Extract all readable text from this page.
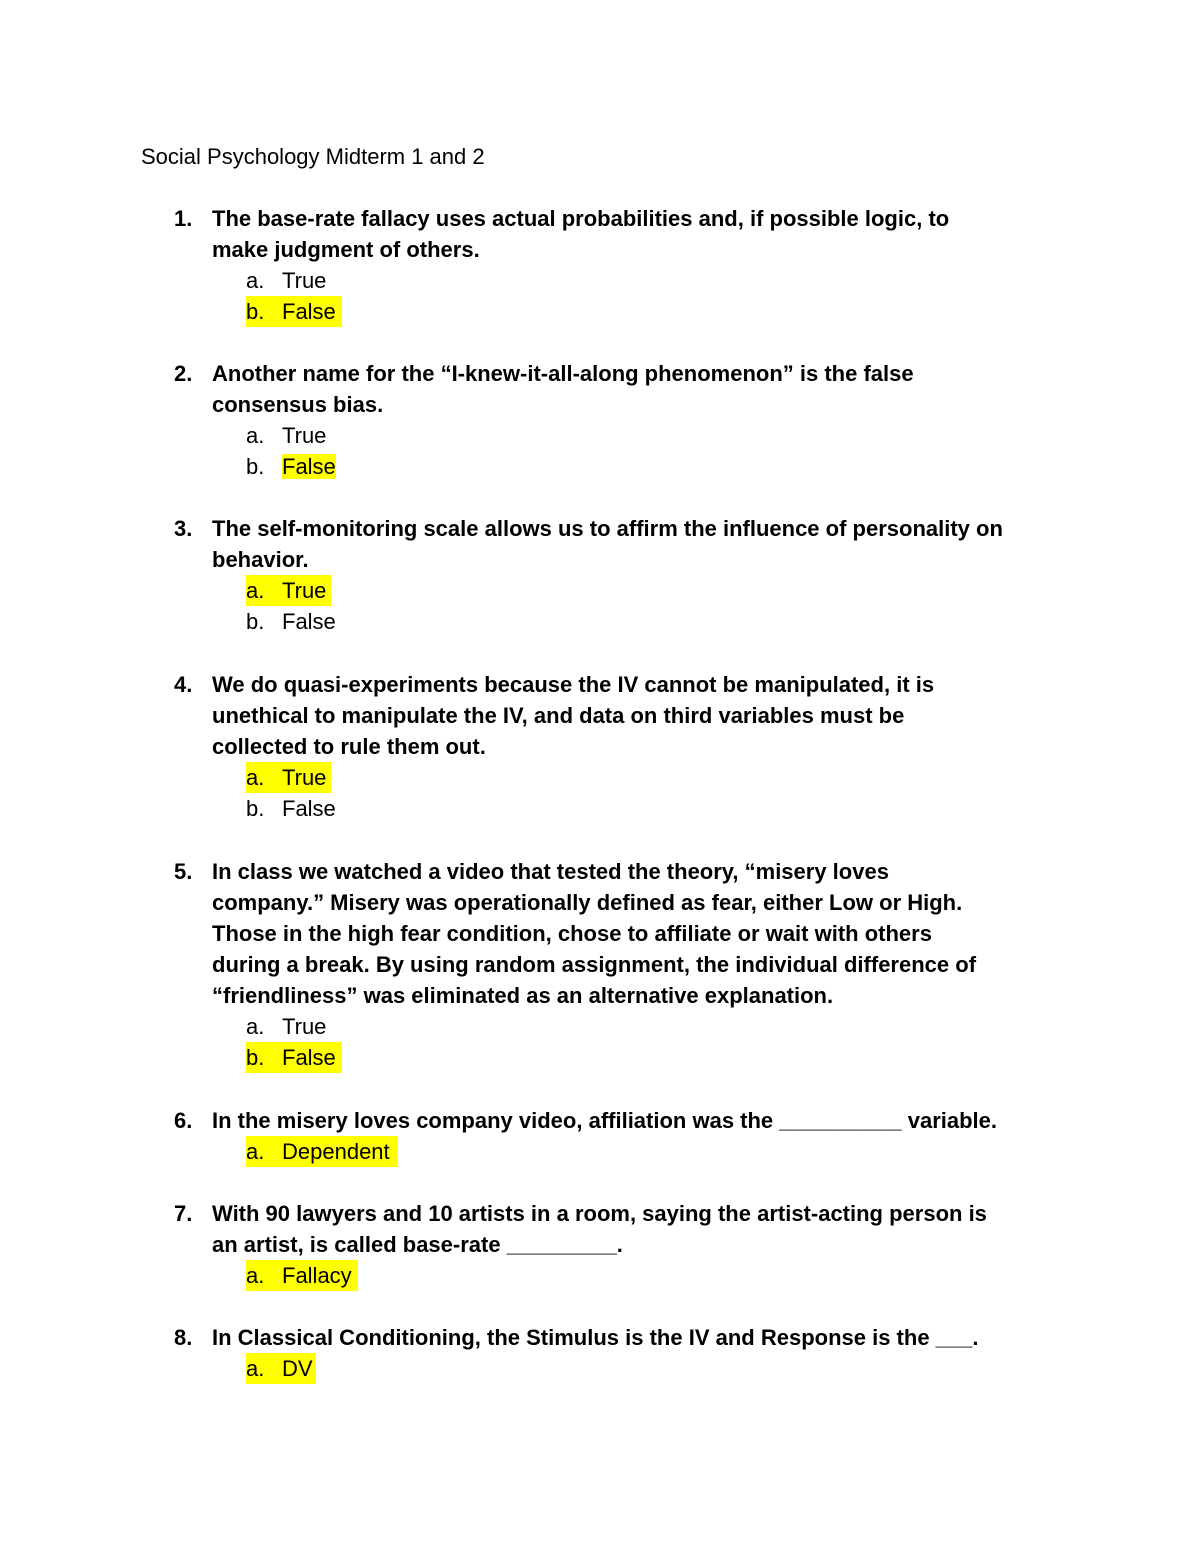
Social Psychology Midterm 1 and 2
1. The base-rate fallacy uses actual probabilities and, if possible logic, to
make judgment of others.
a. True
b. False
2. Another name for the “I-knew-it-all-along phenomenon” is the false
consensus bias.
a. True
b. False
3. The self-monitoring scale allows us to affirm the influence of personality on
behavior.
a. True
b. False
4. We do quasi-experiments because the IV cannot be manipulated, it is
unethical to manipulate the IV, and data on third variables must be
collected to rule them out.
a. True
b. False
5. In class we watched a video that tested the theory, “misery loves
company.” Misery was operationally defined as fear, either Low or High.
Those in the high fear condition, chose to affiliate or wait with others
during a break. By using random assignment, the individual difference of
“friendliness” was eliminated as an alternative explanation.
a. True
b. False
6. In the misery loves company video, affiliation was the __________ variable.
a. Dependent
7. With 90 lawyers and 10 artists in a room, saying the artist-acting person is
an artist, is called base-rate _________.
a. Fallacy
8. In Classical Conditioning, the Stimulus is the IV and Response is the ___.
a. DV
